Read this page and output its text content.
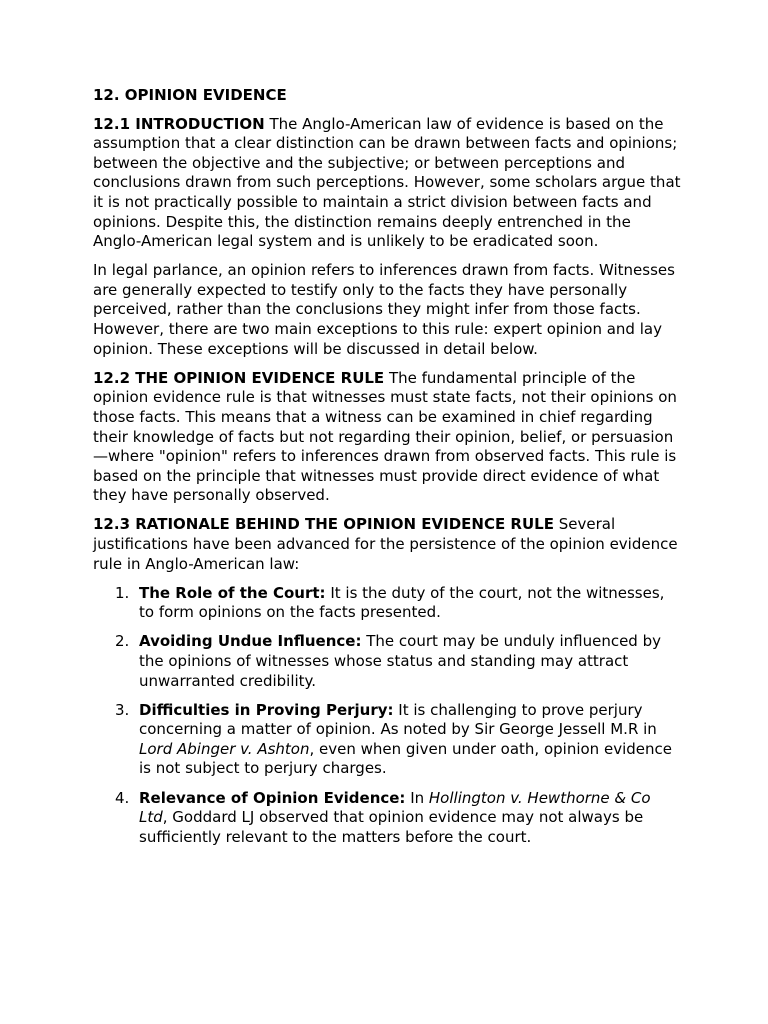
12. OPINION EVIDENCE

12.1 INTRODUCTION The Anglo-American law of evidence is based on the assumption that a clear distinction can be drawn between facts and opinions; between the objective and the subjective; or between perceptions and conclusions drawn from such perceptions. However, some scholars argue that it is not practically possible to maintain a strict division between facts and opinions. Despite this, the distinction remains deeply entrenched in the Anglo-American legal system and is unlikely to be eradicated soon.

In legal parlance, an opinion refers to inferences drawn from facts. Witnesses are generally expected to testify only to the facts they have personally perceived, rather than the conclusions they might infer from those facts. However, there are two main exceptions to this rule: expert opinion and lay opinion. These exceptions will be discussed in detail below.

12.2 THE OPINION EVIDENCE RULE The fundamental principle of the opinion evidence rule is that witnesses must state facts, not their opinions on those facts. This means that a witness can be examined in chief regarding their knowledge of facts but not regarding their opinion, belief, or persuasion—where "opinion" refers to inferences drawn from observed facts. This rule is based on the principle that witnesses must provide direct evidence of what they have personally observed.

12.3 RATIONALE BEHIND THE OPINION EVIDENCE RULE Several justifications have been advanced for the persistence of the opinion evidence rule in Anglo-American law:

1. The Role of the Court: It is the duty of the court, not the witnesses, to form opinions on the facts presented.
2. Avoiding Undue Influence: The court may be unduly influenced by the opinions of witnesses whose status and standing may attract unwarranted credibility.
3. Difficulties in Proving Perjury: It is challenging to prove perjury concerning a matter of opinion. As noted by Sir George Jessell M.R in Lord Abinger v. Ashton, even when given under oath, opinion evidence is not subject to perjury charges.
4. Relevance of Opinion Evidence: In Hollington v. Hewthorne & Co Ltd, Goddard LJ observed that opinion evidence may not always be sufficiently relevant to the matters before the court.
